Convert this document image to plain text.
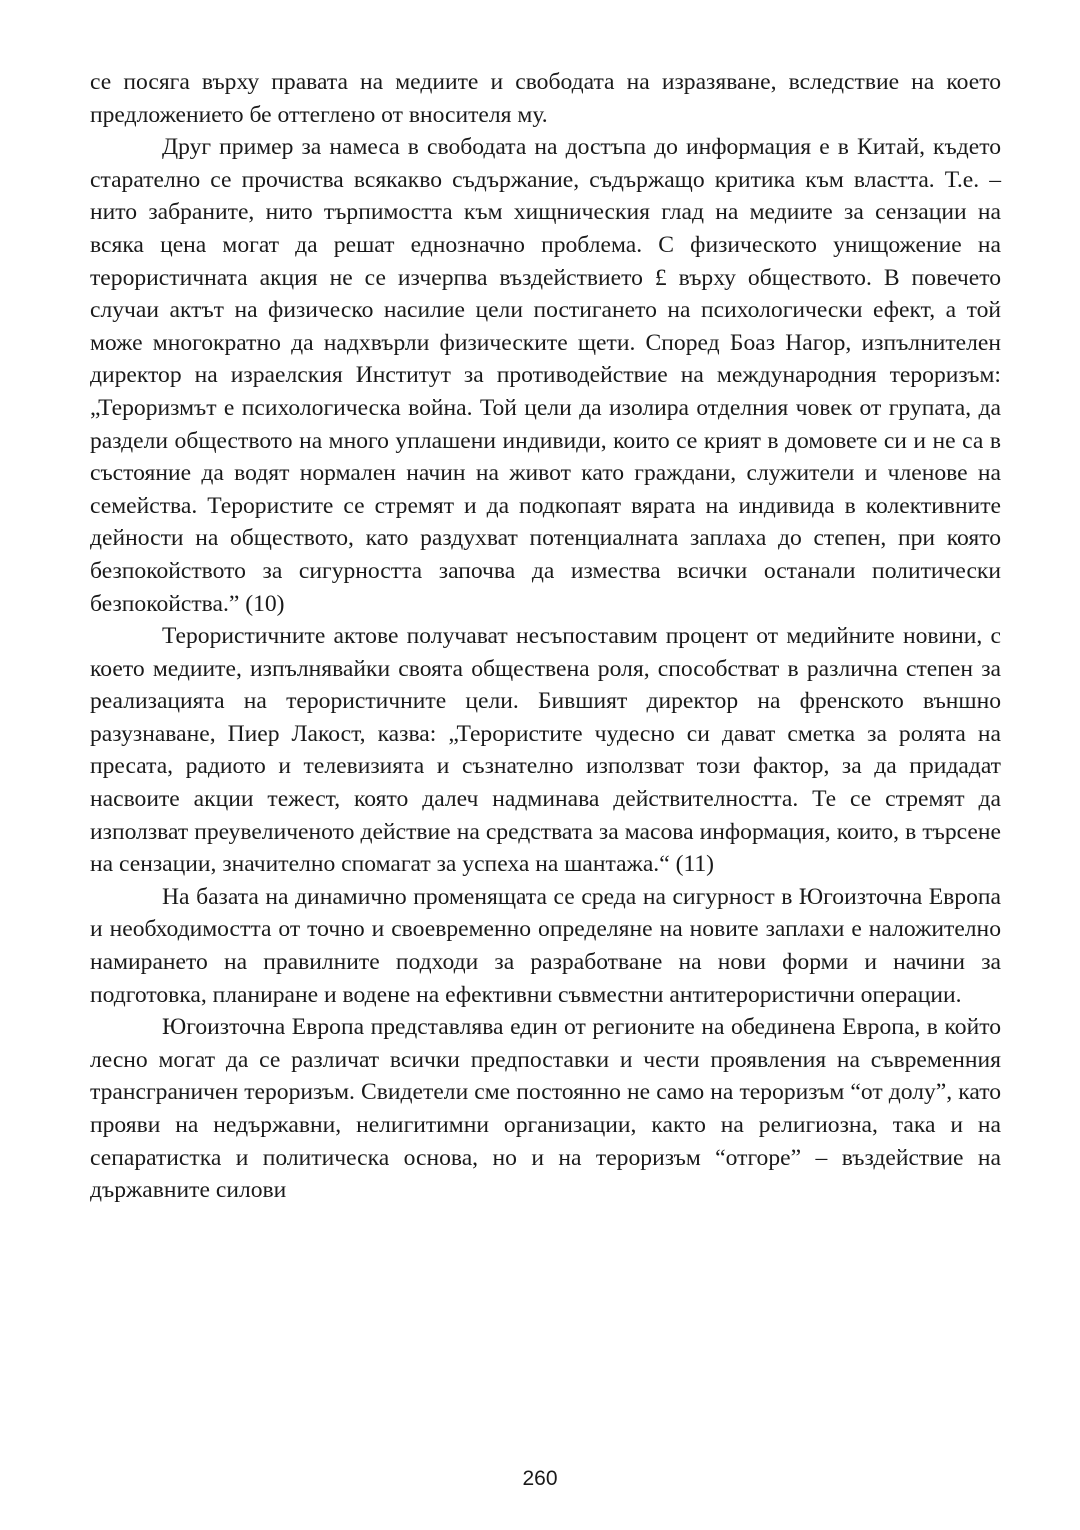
се посяга върху правата на медиите и свободата на изразяване, вследствие на което предложението бе оттеглено от вносителя му.

Друг пример за намеса в свободата на достъпа до информация е в Китай, където старателно се прочиства всякакво съдържание, съдържащо критика към властта. Т.е. – нито забраните, нито търпимостта към хищническия глад на медиите за сензации на всяка цена могат да решат еднозначно проблема. С физическото унищожение на терористичната акция не се изчерпва въздействието £ върху обществото. В повечето случаи актът на физическо насилие цели постигането на психологически ефект, а той може многократно да надхвърли физическите щети. Според Боаз Нагор, изпълнителен директор на израелския Институт за противодействие на международния тероризъм: „Тероризмът е психологическа война. Той цели да изолира отделния човек от групата, да раздели обществото на много уплашени индивиди, които се крият в домовете си и не са в състояние да водят нормален начин на живот като граждани, служители и членове на семейства. Терористите се стремят и да подкопаят вярата на индивида в колективните дейности на обществото, като раздухват потенциалната заплаха до степен, при която безпокойството за сигурността започва да измества всички останали политически безпокойства.” (10)

Терористичните актове получават несъпоставим процент от медийните новини, с което медиите, изпълнявайки своята обществена роля, способстват в различна степен за реализацията на терористичните цели. Бившият директор на френското външно разузнаване, Пиер Лакост, казва: „Терористите чудесно си дават сметка за ролята на пресата, радиото и телевизията и съзнателно използват този фактор, за да придадат насвоите акции тежест, която далеч надминава действителността. Те се стремят да използват преувеличеното действие на средствата за масова информация, които, в търсене на сензации, значително спомагат за успеха на шантажа.“ (11)

На базата на динамично променящата се среда на сигурност в Югоизточна Европа и необходимостта от точно и своевременно определяне на новите заплахи е наложително намирането на правилните подходи за разработване на нови форми и начини за подготовка, планиране и водене на ефективни съвместни антитерористични операции.

Югоизточна Европа представлява един от регионите на обединена Европа, в който лесно могат да се различат всички предпоставки и чести проявления на съвременния трансграничен тероризъм. Свидетели сме постоянно не само на тероризъм “от долу”, като прояви на недържавни, нелигитимни организации, както на религиозна, така и на сепаратистка и политическа основа, но и на тероризъм “отгоре” – въздействие на държавните силови

260
